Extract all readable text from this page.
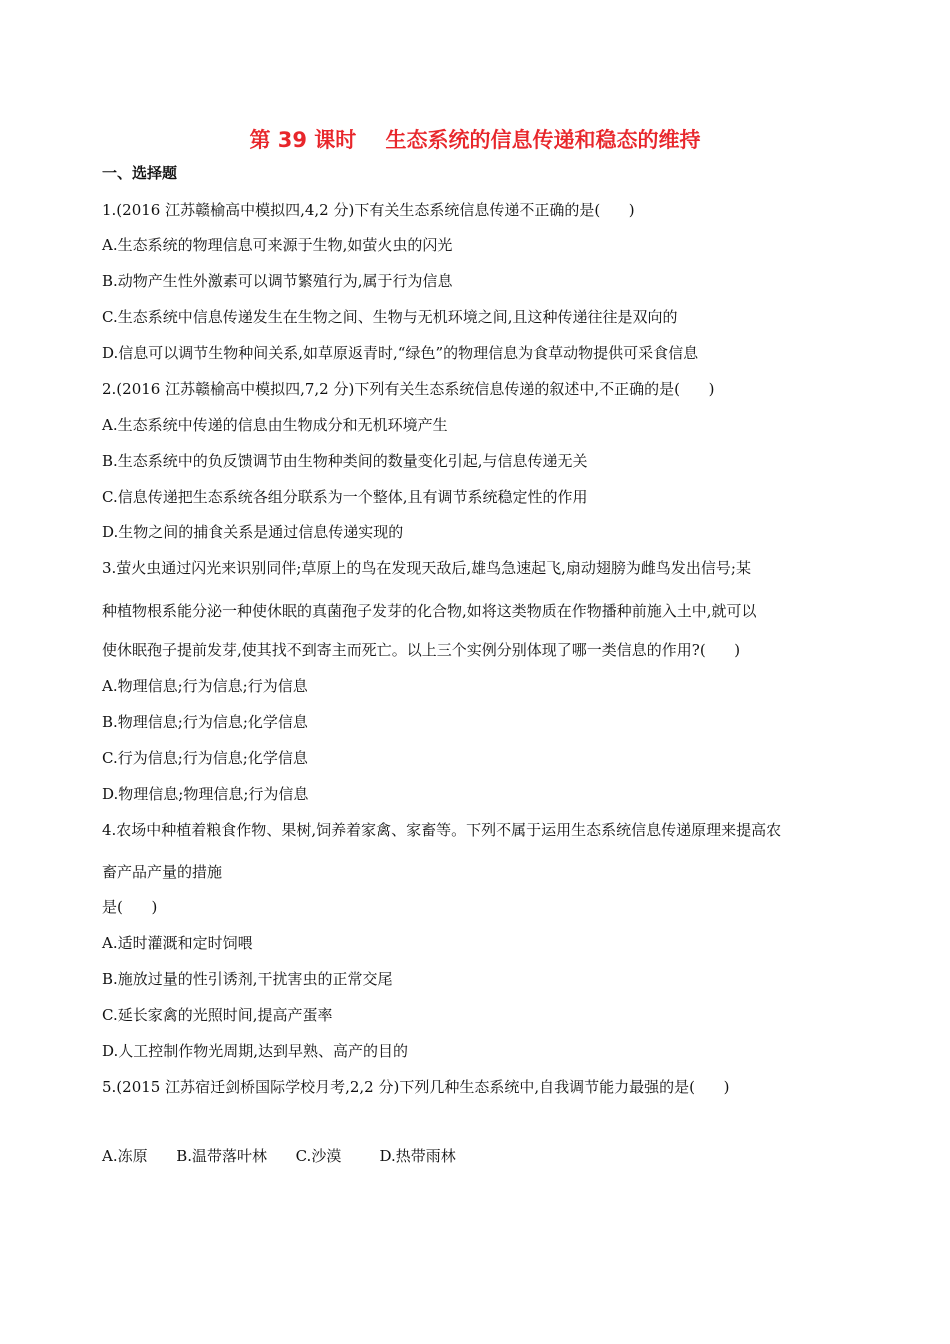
第 39 课时    生态系统的信息传递和稳态的维持
一、选择题
1.(2016 江苏赣榆高中模拟四,4,2 分)下有关生态系统信息传递不正确的是(      )
A.生态系统的物理信息可来源于生物,如萤火虫的闪光
B.动物产生性外激素可以调节繁殖行为,属于行为信息
C.生态系统中信息传递发生在生物之间、生物与无机环境之间,且这种传递往往是双向的
D.信息可以调节生物种间关系,如草原返青时,“绿色”的物理信息为食草动物提供可采食信息
2.(2016 江苏赣榆高中模拟四,7,2 分)下列有关生态系统信息传递的叙述中,不正确的是(      )
A.生态系统中传递的信息由生物成分和无机环境产生
B.生态系统中的负反馈调节由生物种类间的数量变化引起,与信息传递无关
C.信息传递把生态系统各组分联系为一个整体,且有调节系统稳定性的作用
D.生物之间的捕食关系是通过信息传递实现的
3.萤火虫通过闪光来识别同伴;草原上的鸟在发现天敌后,雄鸟急速起飞,扇动翅膀为雌鸟发出信号;某
种植物根系能分泌一种使休眠的真菌孢子发芽的化合物,如将这类物质在作物播种前施入土中,就可以
使休眠孢子提前发芽,使其找不到寄主而死亡。以上三个实例分别体现了哪一类信息的作用?(      )
A.物理信息;行为信息;行为信息
B.物理信息;行为信息;化学信息
C.行为信息;行为信息;化学信息
D.物理信息;物理信息;行为信息
4.农场中种植着粮食作物、果树,饲养着家禽、家畜等。下列不属于运用生态系统信息传递原理来提高农
畜产品产量的措施
是(      )
A.适时灌溉和定时饲喂
B.施放过量的性引诱剂,干扰害虫的正常交尾
C.延长家禽的光照时间,提高产蛋率
D.人工控制作物光周期,达到早熟、高产的目的
5.(2015 江苏宿迁剑桥国际学校月考,2,2 分)下列几种生态系统中,自我调节能力最强的是(      )
A.冻原      B.温带落叶林      C.沙漠        D.热带雨林
